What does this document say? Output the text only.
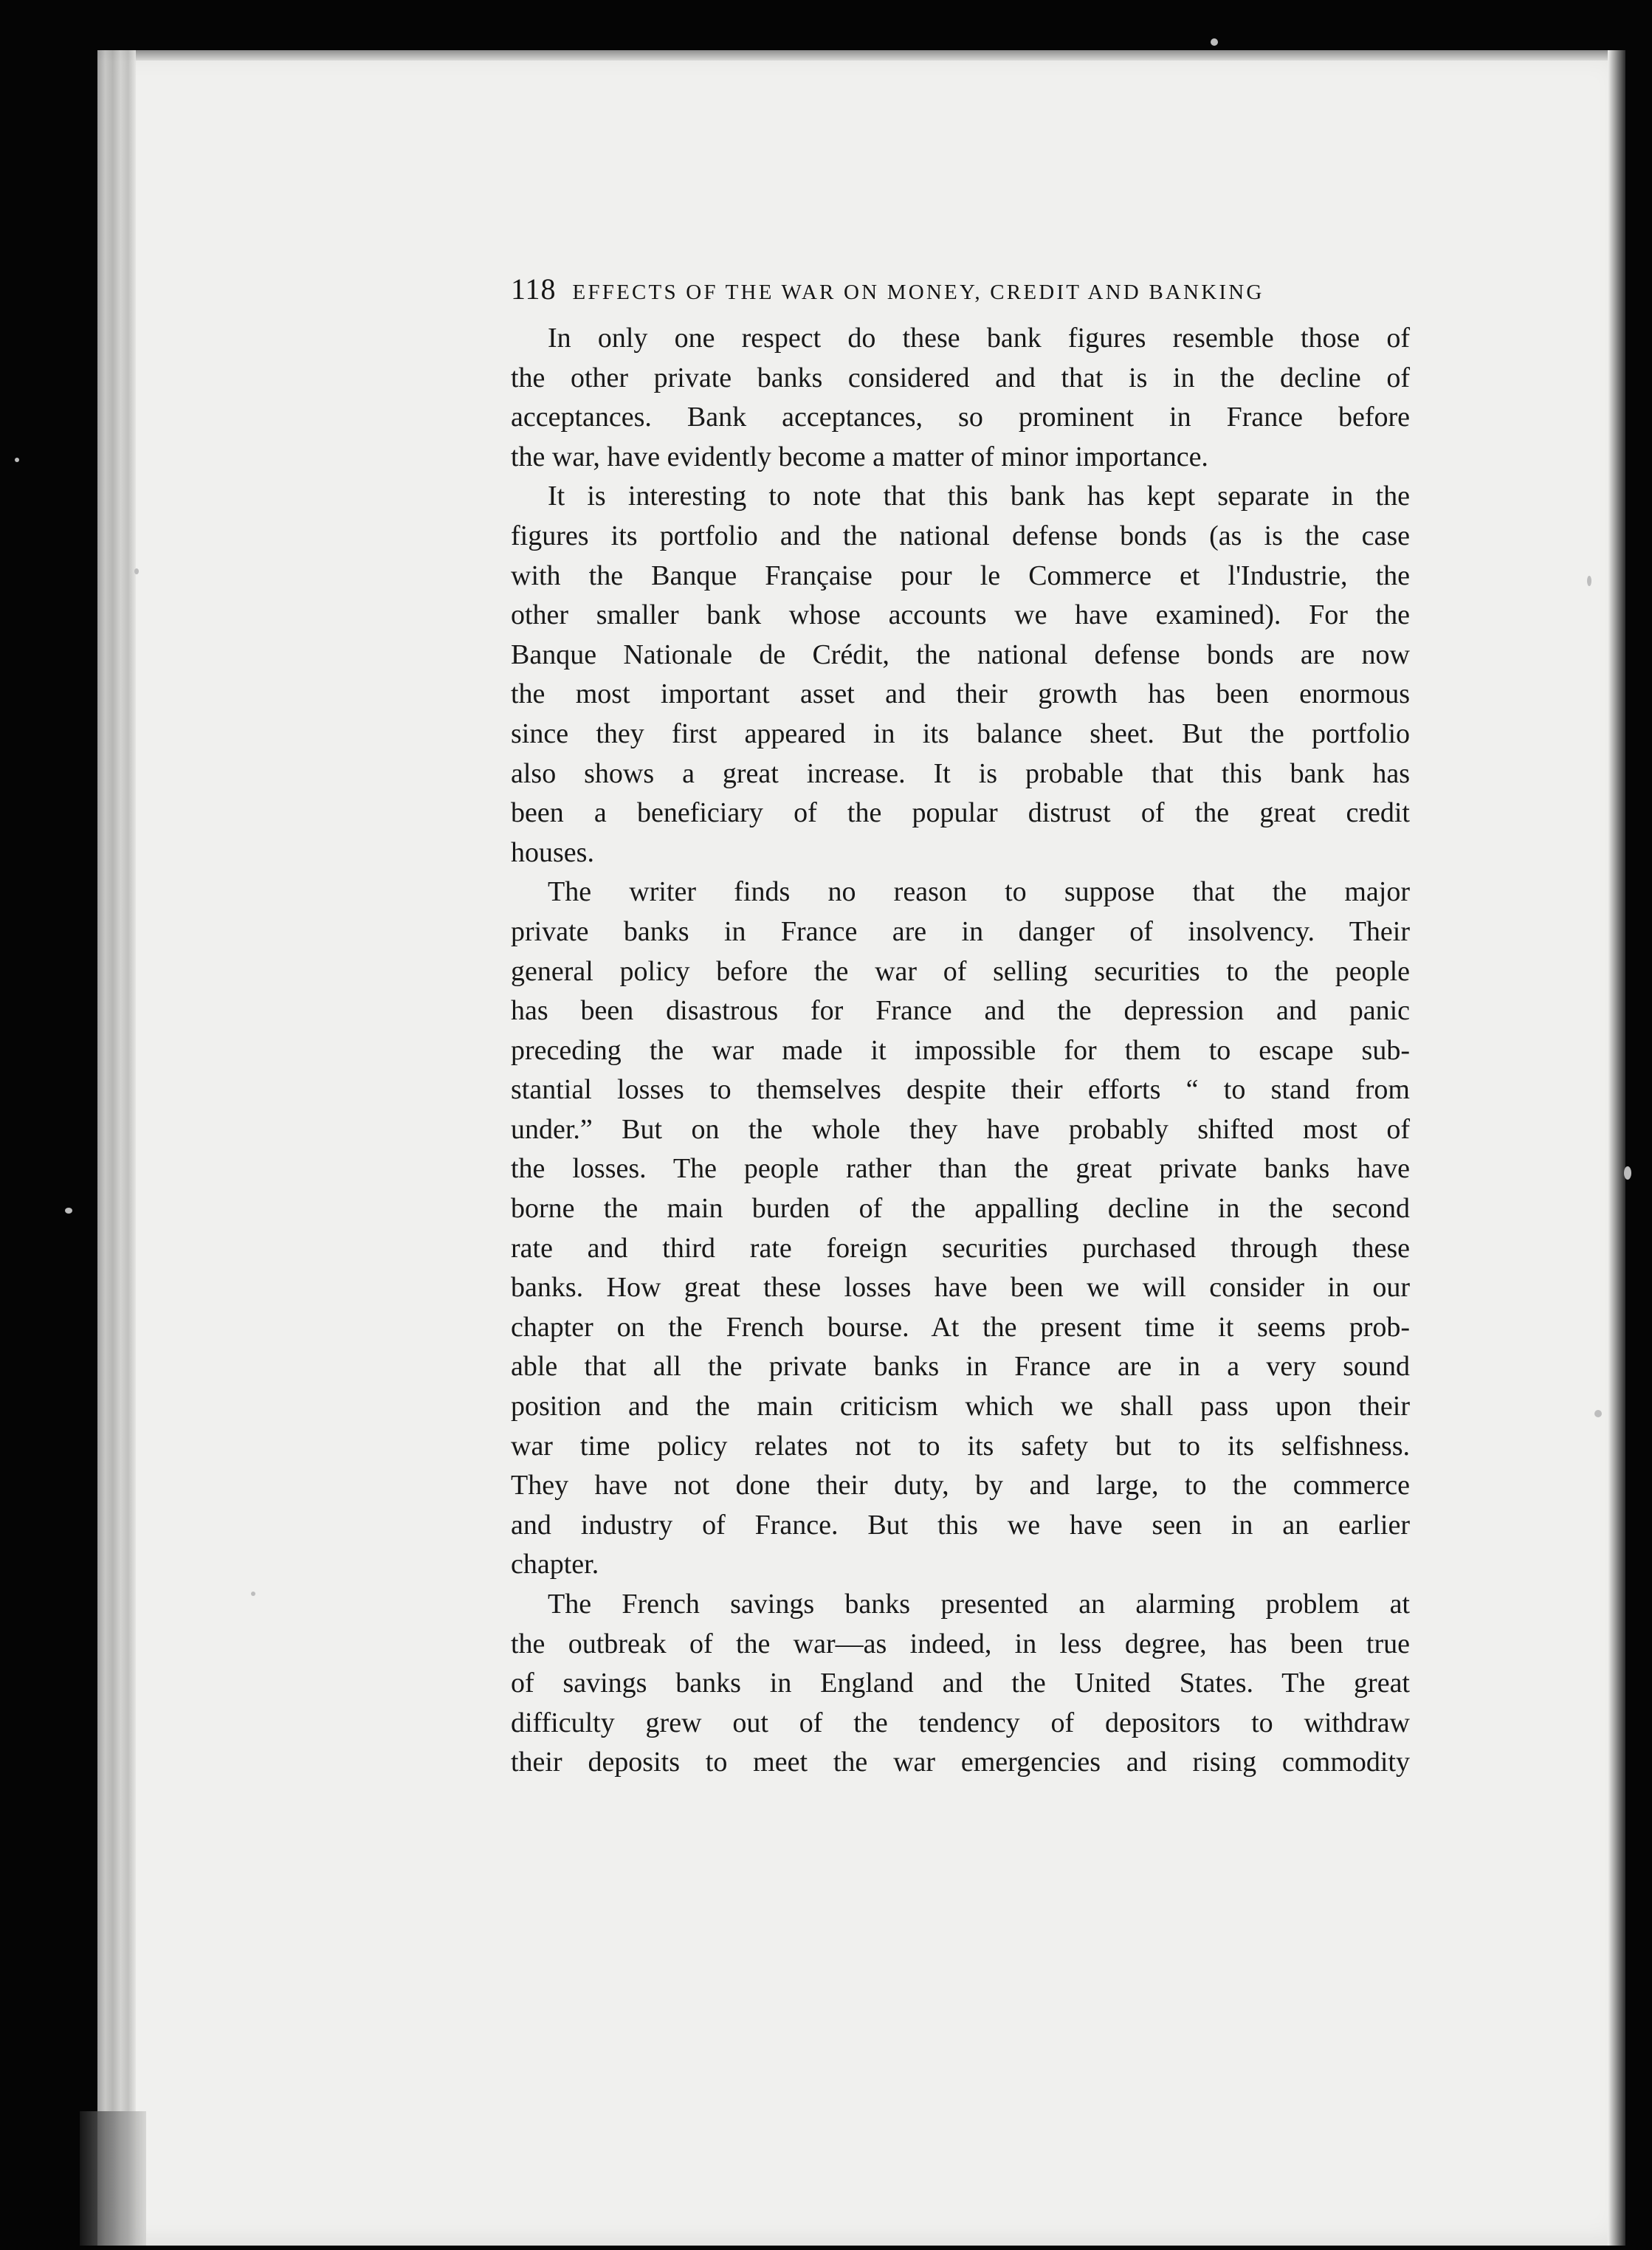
118 EFFECTS OF THE WAR ON MONEY, CREDIT AND BANKING
In only one respect do these bank figures resemble those of
the other private banks considered and that is in the decline of
acceptances. Bank acceptances, so prominent in France before
the war, have evidently become a matter of minor importance.
It is interesting to note that this bank has kept separate in the
figures its portfolio and the national defense bonds (as is the case
with the Banque Française pour le Commerce et l'Industrie, the
other smaller bank whose accounts we have examined). For the
Banque Nationale de Crédit, the national defense bonds are now
the most important asset and their growth has been enormous
since they first appeared in its balance sheet. But the portfolio
also shows a great increase. It is probable that this bank has
been a beneficiary of the popular distrust of the great credit
houses.
The writer finds no reason to suppose that the major
private banks in France are in danger of insolvency. Their
general policy before the war of selling securities to the people
has been disastrous for France and the depression and panic
preceding the war made it impossible for them to escape sub-
stantial losses to themselves despite their efforts “ to stand from
under.” But on the whole they have probably shifted most of
the losses. The people rather than the great private banks have
borne the main burden of the appalling decline in the second
rate and third rate foreign securities purchased through these
banks. How great these losses have been we will consider in our
chapter on the French bourse. At the present time it seems prob-
able that all the private banks in France are in a very sound
position and the main criticism which we shall pass upon their
war time policy relates not to its safety but to its selfishness.
They have not done their duty, by and large, to the commerce
and industry of France. But this we have seen in an earlier
chapter.
The French savings banks presented an alarming problem at
the outbreak of the war—as indeed, in less degree, has been true
of savings banks in England and the United States. The great
difficulty grew out of the tendency of depositors to withdraw
their deposits to meet the war emergencies and rising commodity
